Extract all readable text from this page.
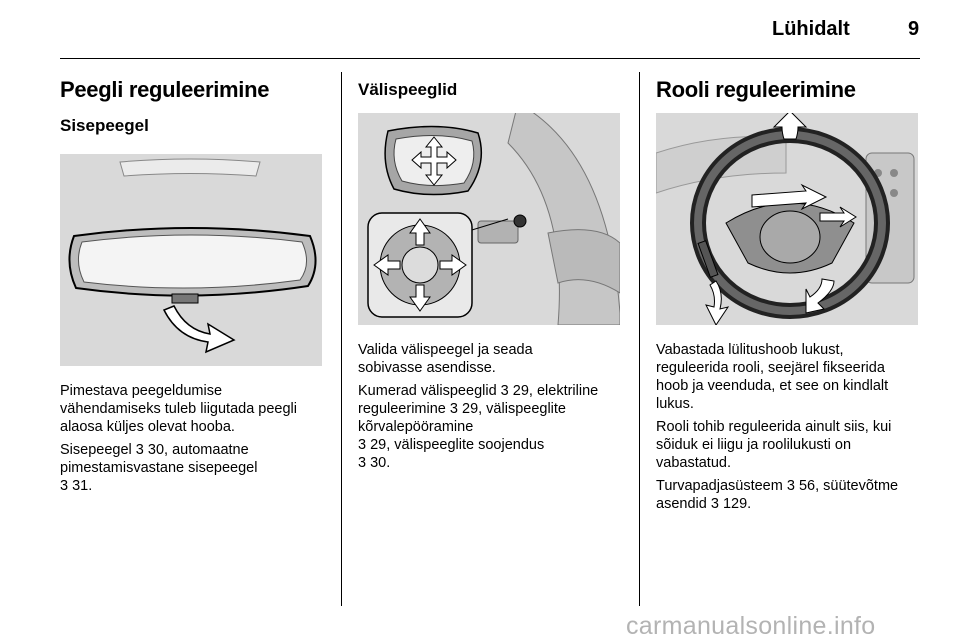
Lühidalt	9
Peegli reguleerimine
Sisepeegel

Pimestava peegeldumise vähendamiseks tuleb liigutada peegli alaosa küljes olevat hooba.

Sisepeegel 3 30, automaatne pimestamisvastane sisepeegel
3 31.

Välispeeglid

Valida välispeegel ja seada sobivasse asendisse.

Kumerad välispeeglid 3 29, elektriline reguleerimine 3 29, välispeeglite kõrvalepööramine
3 29, välispeeglite soojendus
3 30.

Rooli reguleerimine

Vabastada lülitushoob lukust, reguleerida rooli, seejärel fikseerida hoob ja veenduda, et see on kindlalt lukus.

Rooli tohib reguleerida ainult siis, kui sõiduk ei liigu ja roolilukusti on vabastatud.

Turvapadjasüsteem 3 56, süütevõtme asendid 3 129.

carmanualsonline.info
